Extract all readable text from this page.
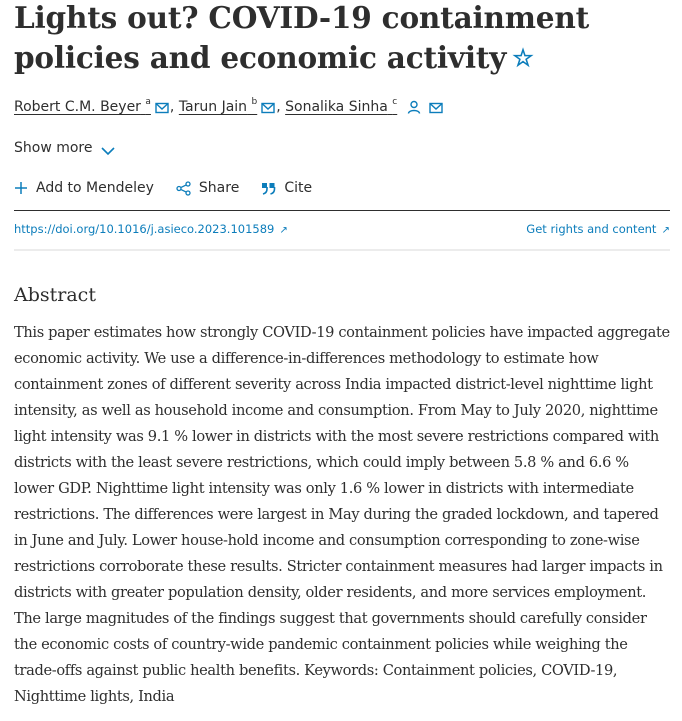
Lights out? COVID-19 containment policies and economic activity ☆
Robert C.M. Beyer $^a$ , Tarun Jain $^b$ , Sonalika Sinha $^c$
Show more
Add to Mendeley	Share	Cite
https://doi.org/10.1016/j.asieco.2023.101589 ↗	Get rights and content ↗
Abstract

This paper estimates how strongly COVID-19 containment policies have impacted aggregate economic activity. We use a difference-in-differences methodology to estimate how containment zones of different severity across India impacted district-level nighttime light intensity, as well as household income and consumption. From May to July 2020, nighttime light intensity was 9.1 % lower in districts with the most severe restrictions compared with districts with the least severe restrictions, which could imply between 5.8 % and 6.6 % lower GDP. Nighttime light intensity was only 1.6 % lower in districts with intermediate restrictions. The differences were largest in May during the graded lockdown, and tapered in June and July. Lower house-hold income and consumption corresponding to zone-wise restrictions corroborate these results. Stricter containment measures had larger impacts in districts with greater population density, older residents, and more services employment. The large magnitudes of the findings suggest that governments should carefully consider the economic costs of country-wide pandemic containment policies while weighing the trade-offs against public health benefits. Keywords: Containment policies, COVID-19, Nighttime lights, India
